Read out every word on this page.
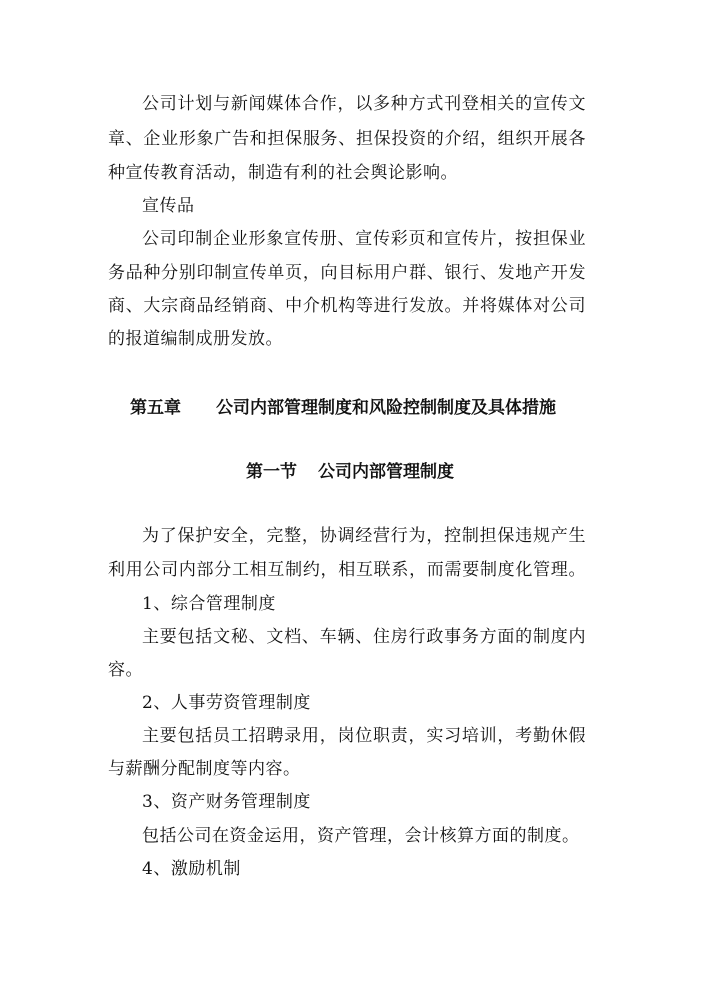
公司计划与新闻媒体合作，以多种方式刊登相关的宣传文
章、企业形象广告和担保服务、担保投资的介绍，组织开展各
种宣传教育活动，制造有利的社会舆论影响。
宣传品
公司印制企业形象宣传册、宣传彩页和宣传片，按担保业
务品种分别印制宣传单页，向目标用户群、银行、发地产开发
商、大宗商品经销商、中介机构等进行发放。并将媒体对公司
的报道编制成册发放。
第五章 公司内部管理制度和风险控制制度及具体措施
第一节 公司内部管理制度
为了保护安全，完整，协调经营行为，控制担保违规产生
利用公司内部分工相互制约，相互联系，而需要制度化管理。
1、综合管理制度
主要包括文秘、文档、车辆、住房行政事务方面的制度内
容。
2、人事劳资管理制度
主要包括员工招聘录用，岗位职责，实习培训，考勤休假
与薪酬分配制度等内容。
3、资产财务管理制度
包括公司在资金运用，资产管理，会计核算方面的制度。
4、激励机制
